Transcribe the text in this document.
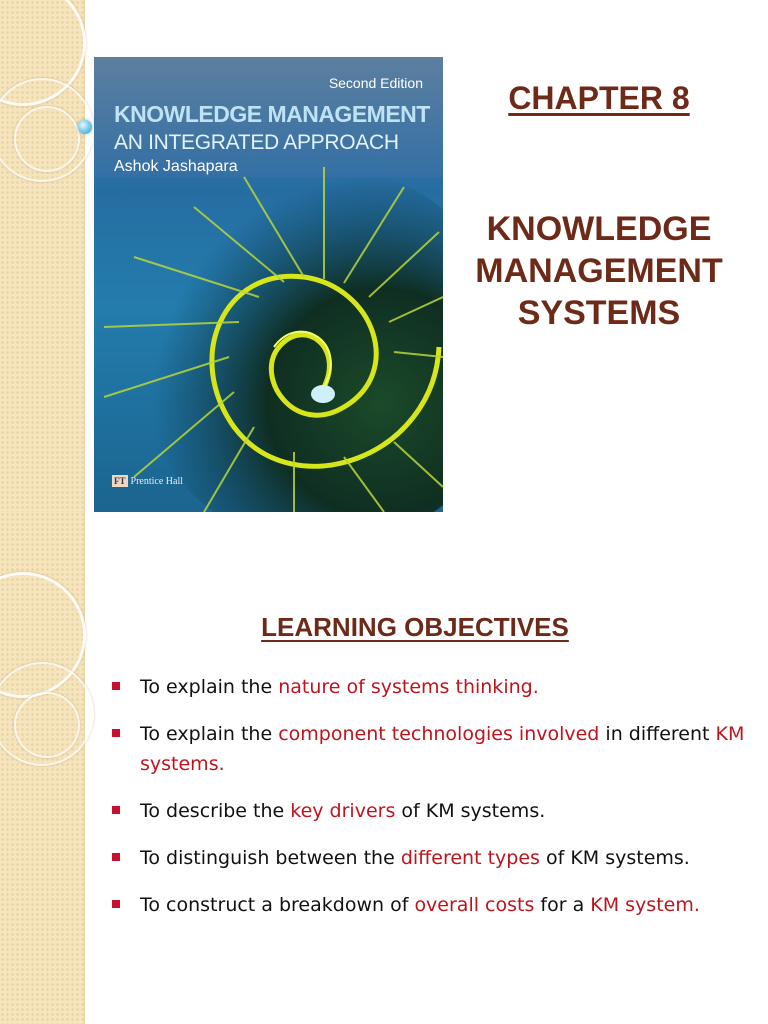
Second Edition
KNOWLEDGE MANAGEMENT
AN INTEGRATED APPROACH
Ashok Jashapara
FT Prentice Hall
CHAPTER 8
KNOWLEDGE
MANAGEMENT
SYSTEMS
LEARNING OBJECTIVES
To explain the nature of systems thinking.
To explain the component technologies involved in different KM systems.
To describe the key drivers of KM systems.
To distinguish between the different types of KM systems.
To construct a breakdown of overall costs for a KM system.
